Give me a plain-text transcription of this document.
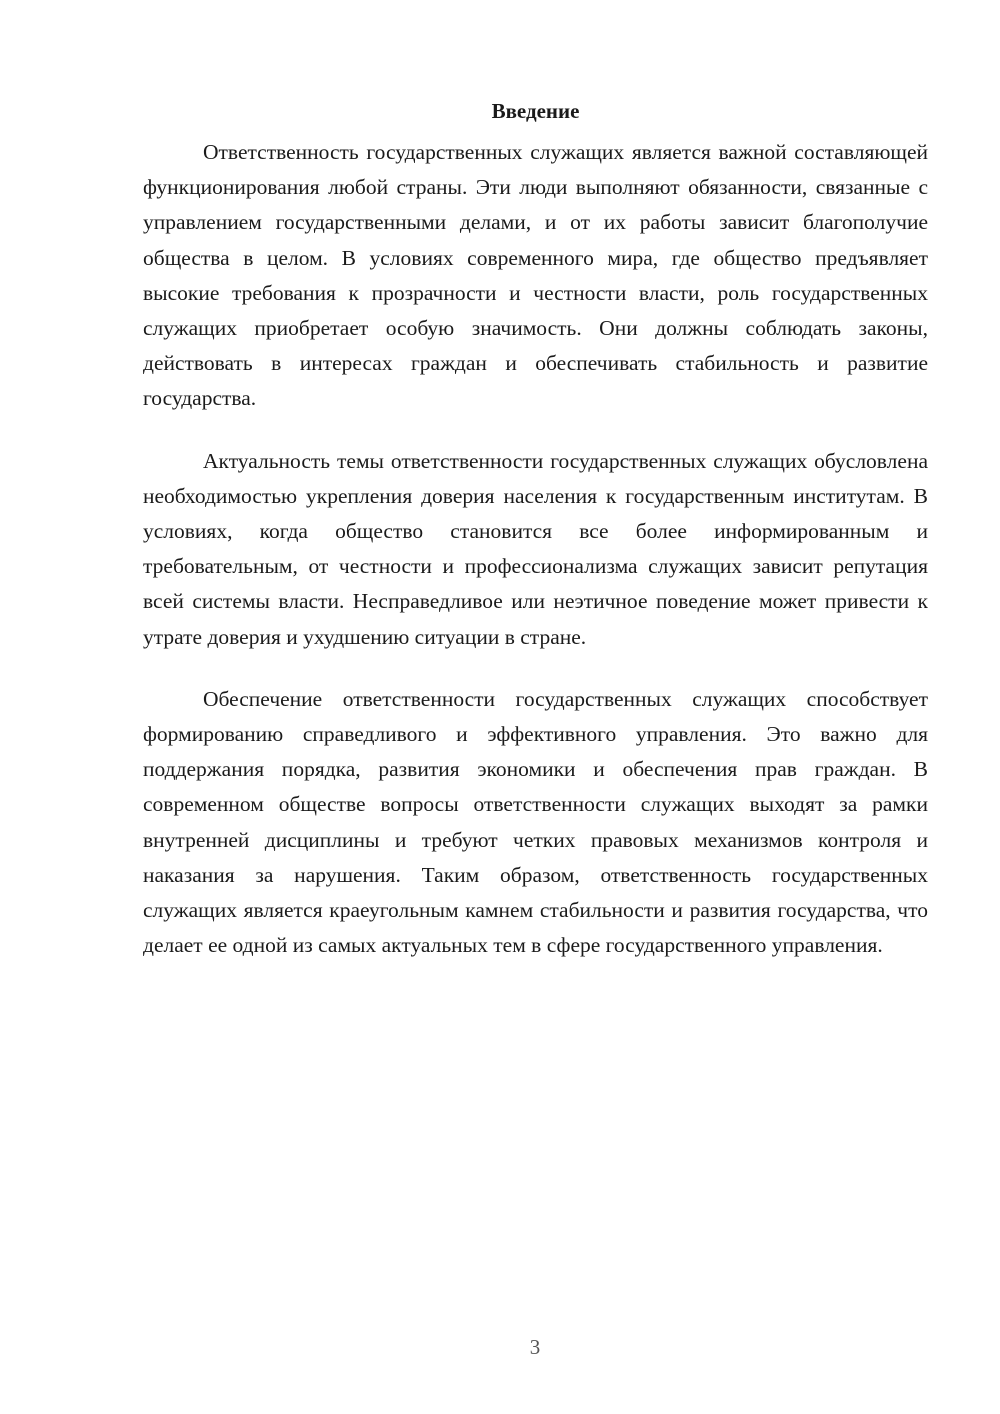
Введение

Ответственность государственных служащих является важной составляющей функционирования любой страны. Эти люди выполняют обязанности, связанные с управлением государственными делами, и от их работы зависит благополучие общества в целом. В условиях современного мира, где общество предъявляет высокие требования к прозрачности и честности власти, роль государственных служащих приобретает особую значимость. Они должны соблюдать законы, действовать в интересах граждан и обеспечивать стабильность и развитие государства.

Актуальность темы ответственности государственных служащих обусловлена необходимостью укрепления доверия населения к государственным институтам. В условиях, когда общество становится все более информированным и требовательным, от честности и профессионализма служащих зависит репутация всей системы власти. Несправедливое или неэтичное поведение может привести к утрате доверия и ухудшению ситуации в стране.

Обеспечение ответственности государственных служащих способствует формированию справедливого и эффективного управления. Это важно для поддержания порядка, развития экономики и обеспечения прав граждан. В современном обществе вопросы ответственности служащих выходят за рамки внутренней дисциплины и требуют четких правовых механизмов контроля и наказания за нарушения. Таким образом, ответственность государственных служащих является краеугольным камнем стабильности и развития государства, что делает ее одной из самых актуальных тем в сфере государственного управления.

3
